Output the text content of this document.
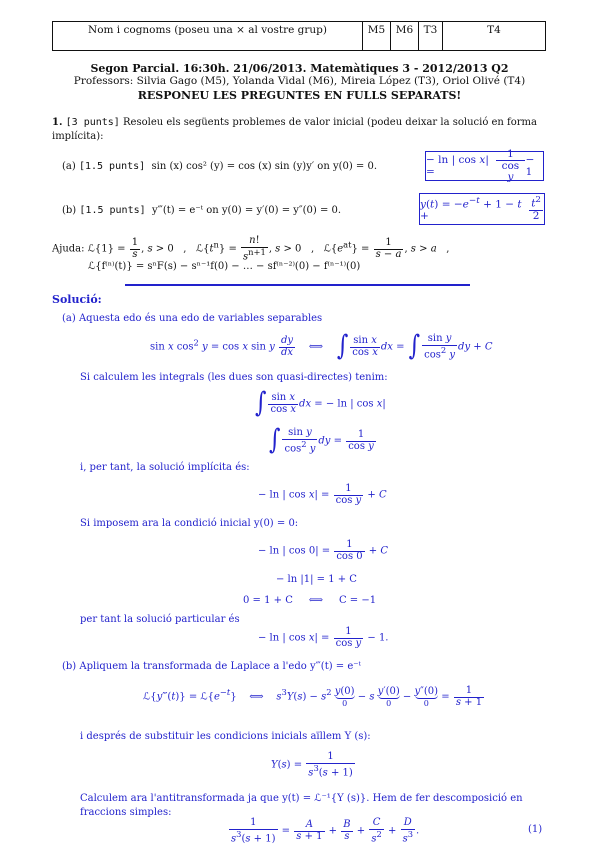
Nom i cognoms (poseu una × al vostre grup)	M5 M6 T3	T4
Segon Parcial. 16:30h. 21/06/2013. Matemàtiques 3 - 2012/2013 Q2
Professors: Silvia Gago (M5), Yolanda Vidal (M6), Mireia López (T3), Oriol Olivé (T4)
RESPONEU LES PREGUNTES EN FULLS SEPARATS!
1. [3 punts] Resoleu els següents problemes de valor inicial (podeu deixar la solució en forma implícita):
(a) [1.5 punts] sin (x) cos² (y) = cos (x) sin (y)y′ on y(0) = 0.
− ln | cos x| =	$\frac{1}{\text{cos y}} - 1$
(b) [1.5 punts] y‴(t) = e⁻ᵗ on y(0) = y′(0) = y″(0) = 0.
$y(t) = -e^{-t} + 1 - t$ +	$\frac{t^2}{2}$
Ajuda: ℒ{1} = $\frac{1}{s}$ , s > 0   ,   $ℒ\{t^n\} = \frac{n!}{s^{n+1}}$ , s > 0   ,   $ℒ\{e^{at}\} = \frac{1}{s - a}$ , s > a   ,
ℒ{f⁽ⁿ⁾(t)} = sⁿF(s) − sⁿ⁻¹f(0) − … − sf⁽ⁿ⁻²⁾(0) − f⁽ⁿ⁻¹⁾(0)
Solució:
(a) Aquesta edo és una edo de variables separables
sin x $\cos^2 y = \cos x$ sin y $\frac{dy}{dx}$ ⟺    ∫ $\frac{\text{sin x}}{\text{cos x}}$ dx = ∫ $\frac{\text{sin y}}{\cos^2 y}$ dy + C
Si calculem les integrals (les dues son quasi-directes) tenim:
∫ $\frac{\text{sin x}}{\text{cos x}}$ dx = − ln | cos x|
∫ $\frac{\text{sin y}}{\cos^2 y}$ dy = $\frac{1}{\text{cos y}}$
i, per tant, la solució implícita és:
− ln | $\cos x| = \frac{1}{\text{cos y}} + C$
Si imposem ara la condició inicial y(0) = 0:
− ln | $\cos 0| = \frac{1}{\cos 0} + C$
− ln |1| = 1 + C
0 = 1 + C     ⟺     C = −1
per tant la solució particular és
− ln | $\cos x| = \frac{1}{\text{cos y}} - 1$.
(b) Apliquem la transformada de Laplace a l'edo y‴(t) = e⁻ᵗ
ℒ{y‴(t)} = $ℒ\{e^{-t}\}$    ⟺    $s^3Y(s) - s^2$ y(0)
0
− s y′(0)
0
− y″(0)
0
= $\frac{1}{s + 1}$
i després de substituir les condicions inicials aïllem Y (s):
$Y(s) = \frac{1}{s^3(s + 1)}$
Calculem ara l'antitransformada ja que y(t) = ℒ⁻¹{Y (s)}. Hem de fer descomposició en fraccions simples:
$\frac{1}{s^3(s + 1)} = \frac{A}{s + 1} + \frac{B}{s} + \frac{C}{s^2} + \frac{D}{s^3}$ .	(1)
